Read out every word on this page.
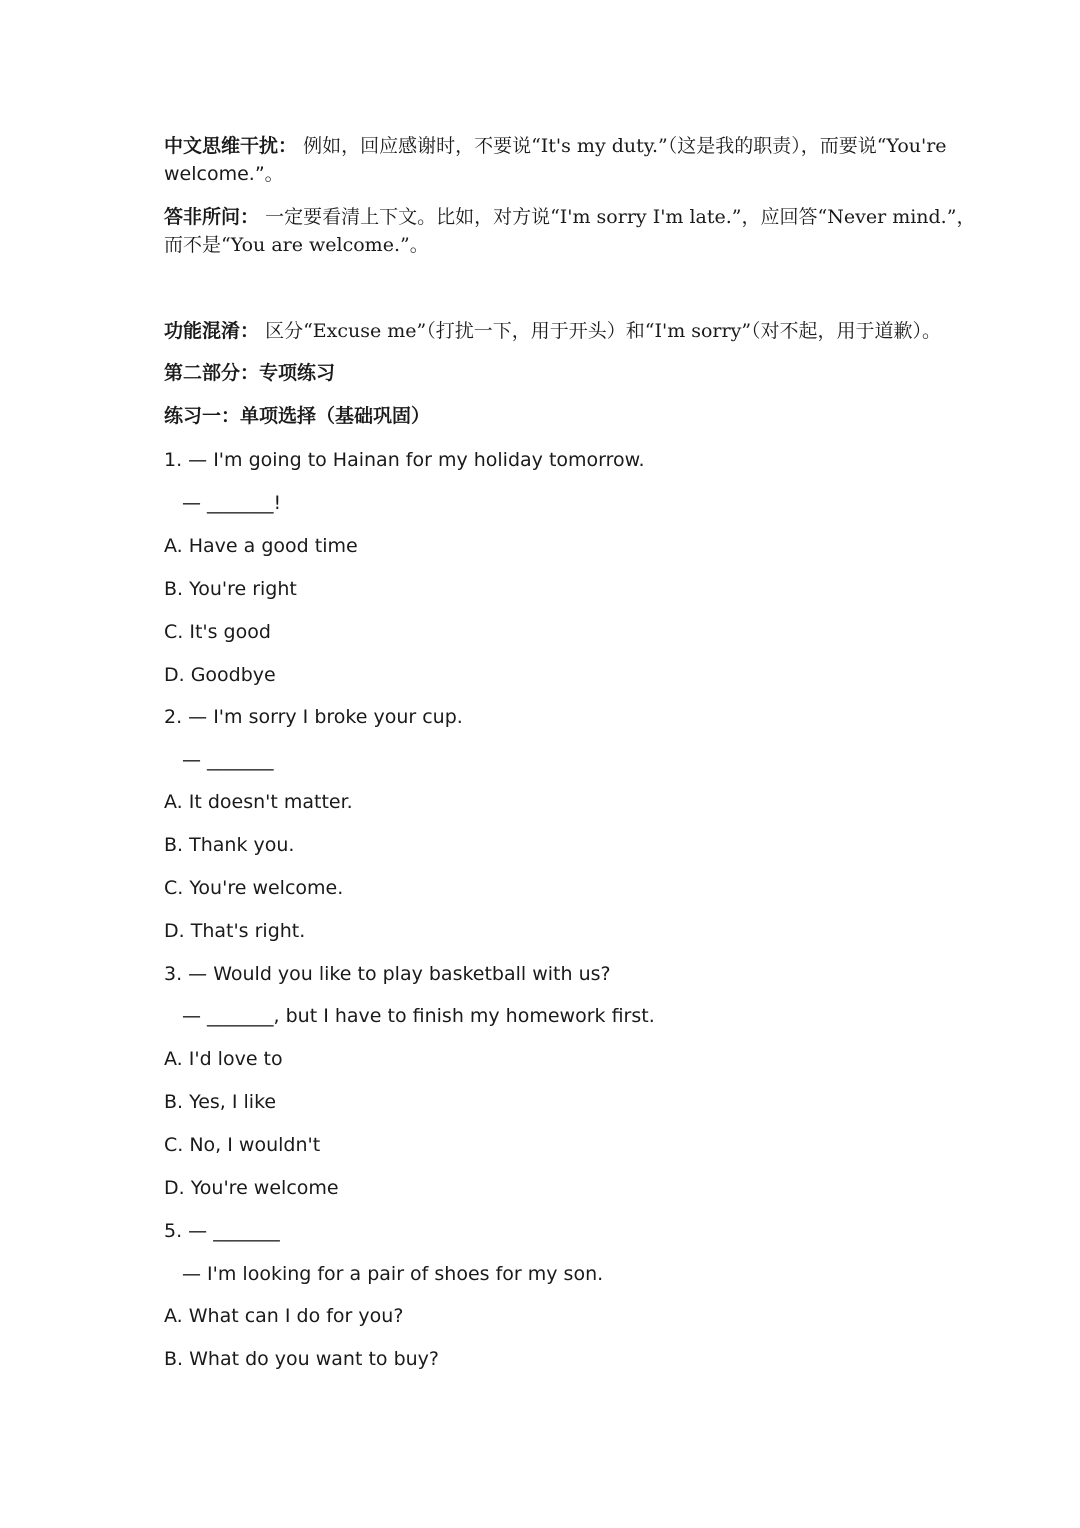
中文思维干扰： 例如，回应感谢时，不要说“It's my duty.”（这是我的职责），而要说“You're
welcome.”。
答非所问： 一定要看清上下文。比如，对方说“I'm sorry I'm late.”，应回答“Never mind.”，
而不是“You are welcome.”。
功能混淆： 区分“Excuse me”（打扰一下，用于开头）和“I'm sorry”（对不起，用于道歉）。
第二部分：专项练习
练习一：单项选择（基础巩固）
1. — I'm going to Hainan for my holiday tomorrow.
— _______!
A. Have a good time
B. You're right
C. It's good
D. Goodbye
2. — I'm sorry I broke your cup.
— _______
A. It doesn't matter.
B. Thank you.
C. You're welcome.
D. That's right.
3. — Would you like to play basketball with us?
— _______, but I have to finish my homework first.
A. I'd love to
B. Yes, I like
C. No, I wouldn't
D. You're welcome
5. — _______
— I'm looking for a pair of shoes for my son.
A. What can I do for you?
B. What do you want to buy?
